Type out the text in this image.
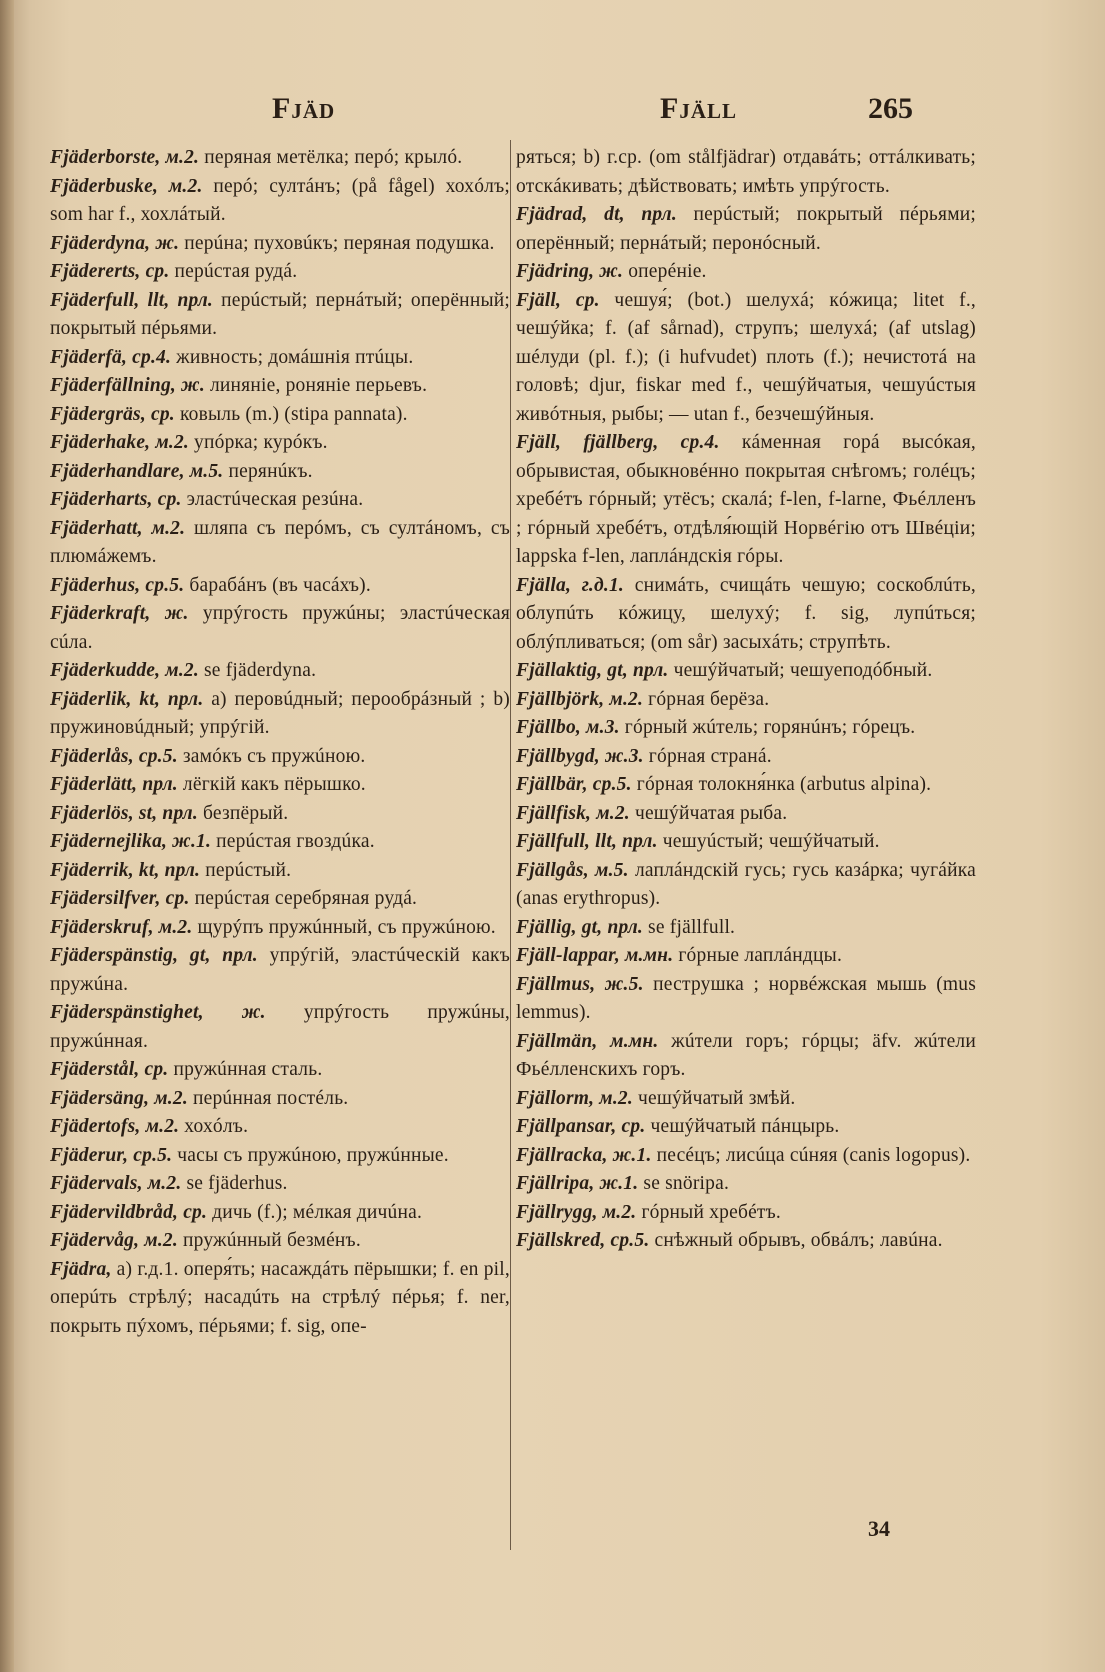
Fjäd	Fjäll	265

Fjäderborste, м.2. перяная метёлка; перó; крылó.

Fjäderbuske, м.2. перó; султáнъ; (på fågel) хохóлъ; som har f., хохлáтый.

Fjäderdyna, ж. перúна; пуховúкъ; перяная подушка.

Fjädererts, ср. перúстая рудá.

Fjäderfull, llt, прл. перúстый; пернáтый; оперённый; покрытый пéрьями.

Fjäderfä, ср.4. живность; домáшнiя птúцы.

Fjäderfällning, ж. линянiе, ронянiе перьевъ.

Fjädergräs, ср. ковыль (m.) (stipa pannata).

Fjäderhake, м.2. упóрка; курóкъ.

Fjäderhandlare, м.5. перянúкъ.

Fjäderharts, ср. эластúческая резúна.

Fjäderhatt, м.2. шляпа съ перóмъ, съ султáномъ, съ плюмáжемъ.

Fjäderhus, ср.5. барабáнъ (въ часáхъ).

Fjäderkraft, ж. упрýгость пружúны; эластúческая сúла.

Fjäderkudde, м.2. se fjäderdyna.

Fjäderlik, kt, прл. a) перовúдный; перообрáзный ; b) пружиновúдный; упрýгiй.

Fjäderlås, ср.5. замóкъ съ пружúною.

Fjäderlätt, прл. лёгкiй какъ пёрышко.

Fjäderlös, st, прл. безпёрый.

Fjädernejlika, ж.1. перúстая гвоздúка.

Fjäderrik, kt, прл. перúстый.

Fjädersilfver, ср. перúстая серебряная рудá.

Fjäderskruf, м.2. щурýпъ пружúнный, съ пружúною.

Fjäderspänstig, gt, прл. упрýгiй, эластúческiй какъ пружúна.

Fjäderspänstighet, ж. упрýгость пружúны, пружúнная.

Fjäderstål, ср. пружúнная сталь.

Fjädersäng, м.2. перúнная постéль.

Fjädertofs, м.2. хохóлъ.

Fjäderur, ср.5. часы съ пружúною, пружúнные.

Fjädervals, м.2. se fjäderhus.

Fjädervildbråd, ср. дичь (f.); мéлкая дичúна.

Fjädervåg, м.2. пружúнный безмéнъ.

Fjädra, a) г.д.1. оперя́ть; насаждáть пёрышки; f. en pil, оперúть стрѣлý; насадúть на стрѣлý пéрья; f. ner, покрыть пýхомъ, пéрьями; f. sig, опе-

ряться; b) г.ср. (om stålfjädrar) отдавáть; оттáлкивать; отскáкивать; дѣйствовать; имѣть упрýгость.

Fjädrad, dt, прл. перúстый; покрытый пéрьями; оперённый; пернáтый; перонóсный.

Fjädring, ж. оперéнiе.

Fjäll, ср. чешуя́; (bot.) шелухá; кóжица; litet f., чешýйка; f. (af sårnad), струпъ; шелухá; (af utslag) шéлуди (pl. f.); (i hufvudet) плоть (f.); нечистотá на головѣ; djur, fiskar med f., чешýйчатыя, чешуúстыя живóтныя, рыбы; — utan f., безчешýйныя.

Fjäll, fjällberg, ср.4. кáменная горá высóкая, обрывистая, обыкновéнно покрытая снѣгомъ; голéцъ; хребéтъ гóрный; утёсъ; скалá; f-len, f-larne, Фьéлленъ ; гóрный хребéтъ, отдѣля́ющiй Норвéгiю отъ Швéцiи; lappska f-len, лаплáндскiя гóры.

Fjälla, г.д.1. снимáть, счищáть чешую; соскоблúть, облупúть кóжицу, шелухý; f. sig, лупúться; облýпливаться; (om sår) засыхáть; струпѣть.

Fjällaktig, gt, прл. чешýйчатый; чешуеподóбный.

Fjällbjörk, м.2. гóрная берёза.

Fjällbo, м.3. гóрный жúтель; горянúнъ; гóрецъ.

Fjällbygd, ж.3. гóрная странá.

Fjällbär, ср.5. гóрная толокня́нка (arbutus alpina).

Fjällfisk, м.2. чешýйчатая рыба.

Fjällfull, llt, прл. чешуúстый; чешýйчатый.

Fjällgås, м.5. лаплáндскiй гусь; гусь казáрка; чугáйка (anas erythropus).

Fjällig, gt, прл. se fjällfull.

Fjäll-lappar, м.мн. гóрные лаплáндцы.

Fjällmus, ж.5. пеструшка ; норвéжская мышь (mus lemmus).

Fjällmän, м.мн. жúтели горъ; гóрцы; äfv. жúтели Фьéлленскихъ горъ.

Fjällorm, м.2. чешýйчатый змѣй.

Fjällpansar, ср. чешýйчатый пáнцырь.

Fjällracka, ж.1. песéцъ; лисúца сúняя (canis logopus).

Fjällripa, ж.1. se snöripa.

Fjällrygg, м.2. гóрный хребéтъ.

Fjällskred, ср.5. снѣжный обрывъ, обвáлъ; лавúна.

34
